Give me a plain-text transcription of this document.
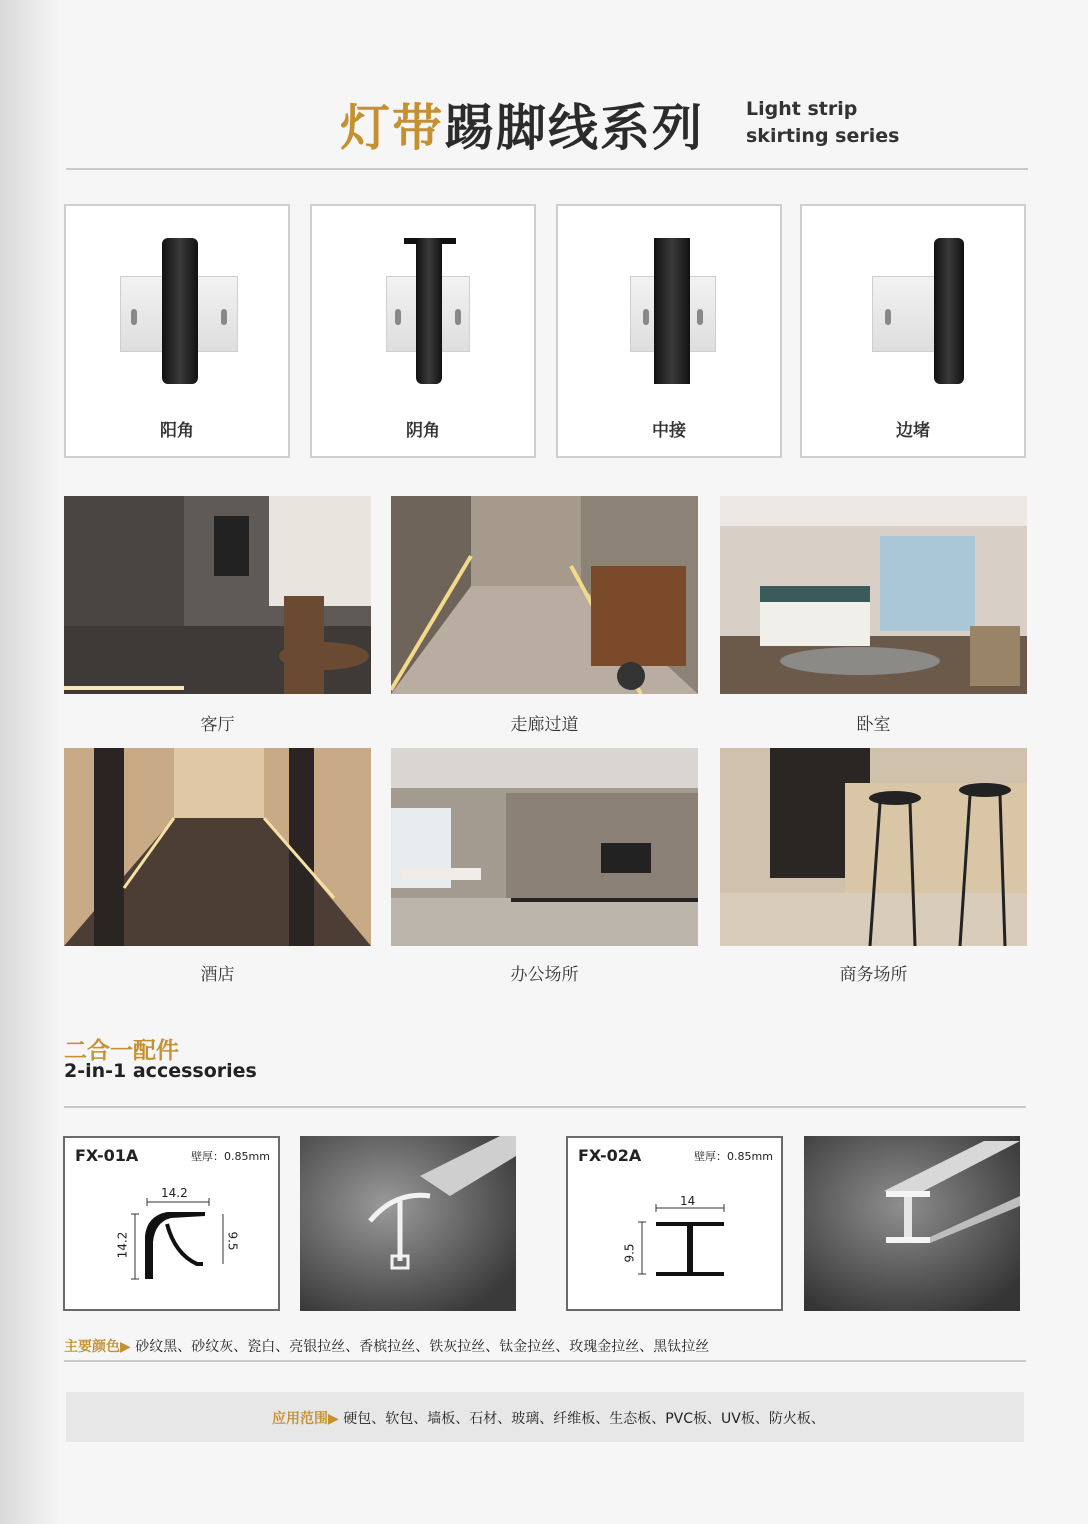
灯带踢脚线系列 Light strip
skirting series
阳角	阴角	中接	边堵
客厅	走廊过道	卧室
酒店	办公场所	商务场所
二合一配件
2-in-1 accessories
FX-01A	壁厚：0.85mm
14.2
14.2	9.5
FX-02A	壁厚：0.85mm
14
9.5
主要颜色▶ 砂纹黑、砂纹灰、瓷白、亮银拉丝、香槟拉丝、铁灰拉丝、钛金拉丝、玫瑰金拉丝、黑钛拉丝
应用范围▶ 硬包、软包、墙板、石材、玻璃、纤维板、生态板、PVC板、UV板、防火板、
